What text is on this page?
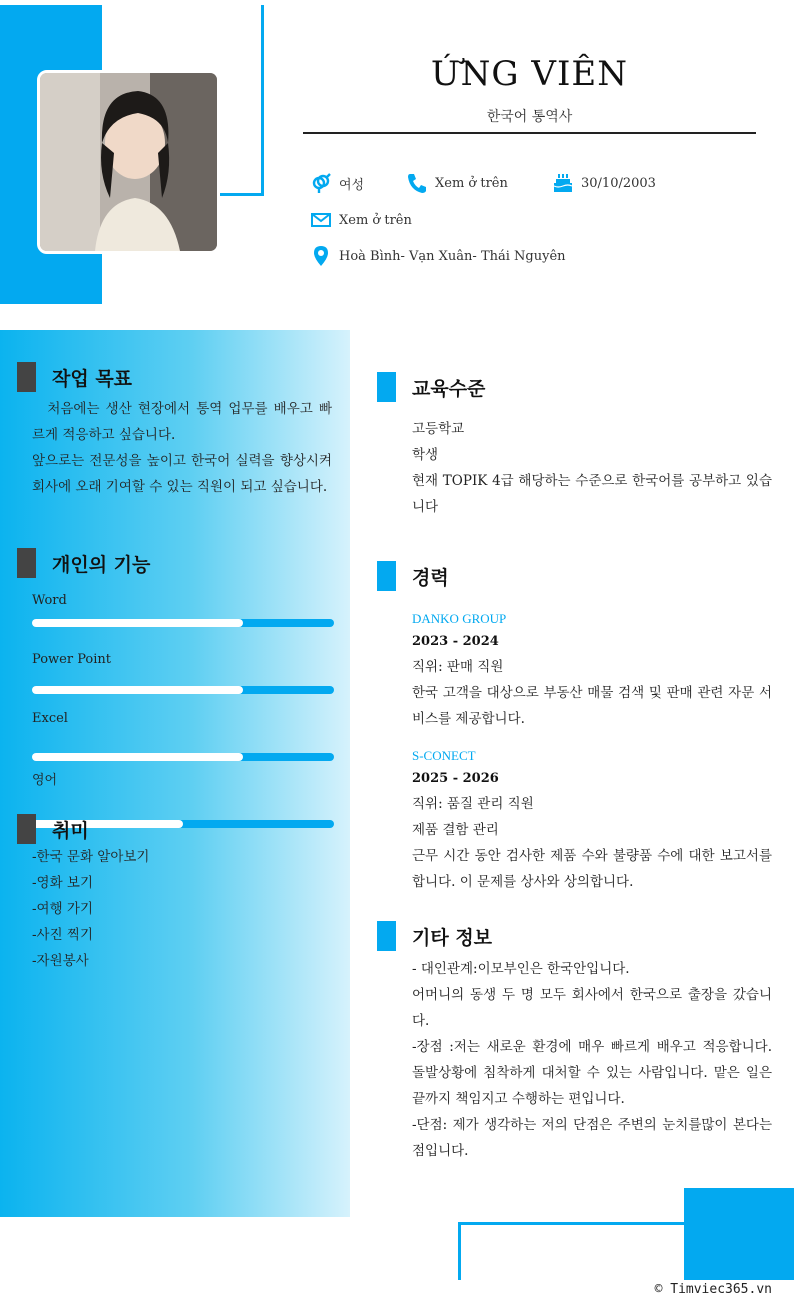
ỨNG VIÊN
한국어 통역사
여성	Xem ở trên	30/10/2003
Xem ở trên
Hoà Bình- Vạn Xuân- Thái Nguyên
작업 목표
　처음에는 생산 현장에서 통역 업무를 배우고 빠르게 적응하고 싶습니다.
앞으로는 전문성을 높이고 한국어 실력을 향상시켜 회사에 오래 기여할 수 있는 직원이 되고 싶습니다.
개인의 기능
Word
Power Point
Excel
영어
취미
-한국 문화 알아보기
-영화 보기
-여행 가기
-사진 찍기
-자원봉사
교육수준
고등학교
학생
현재 TOPIK 4급 해당하는 수준으로 한국어를 공부하고 있습니다
경력
DANKO GROUP
2023 - 2024
직위: 판매 직원
한국 고객을 대상으로 부동산 매물 검색 및 판매 관련 자문 서비스를 제공합니다.
S-CONECT
2025 - 2026
직위: 품질 관리 직원
제품 결함 관리
근무 시간 동안 검사한 제품 수와 불량품 수에 대한 보고서를 합니다. 이 문제를 상사와 상의합니다.
기타 정보
- 대인관계:이모부인은 한국안입니다.
어머니의 동생 두 명 모두 회사에서 한국으로 출장을 갔습니다.
-장점 :저는 새로운 환경에 매우 빠르게 배우고 적응합니다. 돌발상황에 침착하게 대처할 수 있는 사람입니다. 맡은 일은 끝까지 책임지고 수행하는 편입니다.
-단점: 제가 생각하는 저의 단점은 주변의 눈치를많이 본다는 점입니다.
© Timviec365.vn
